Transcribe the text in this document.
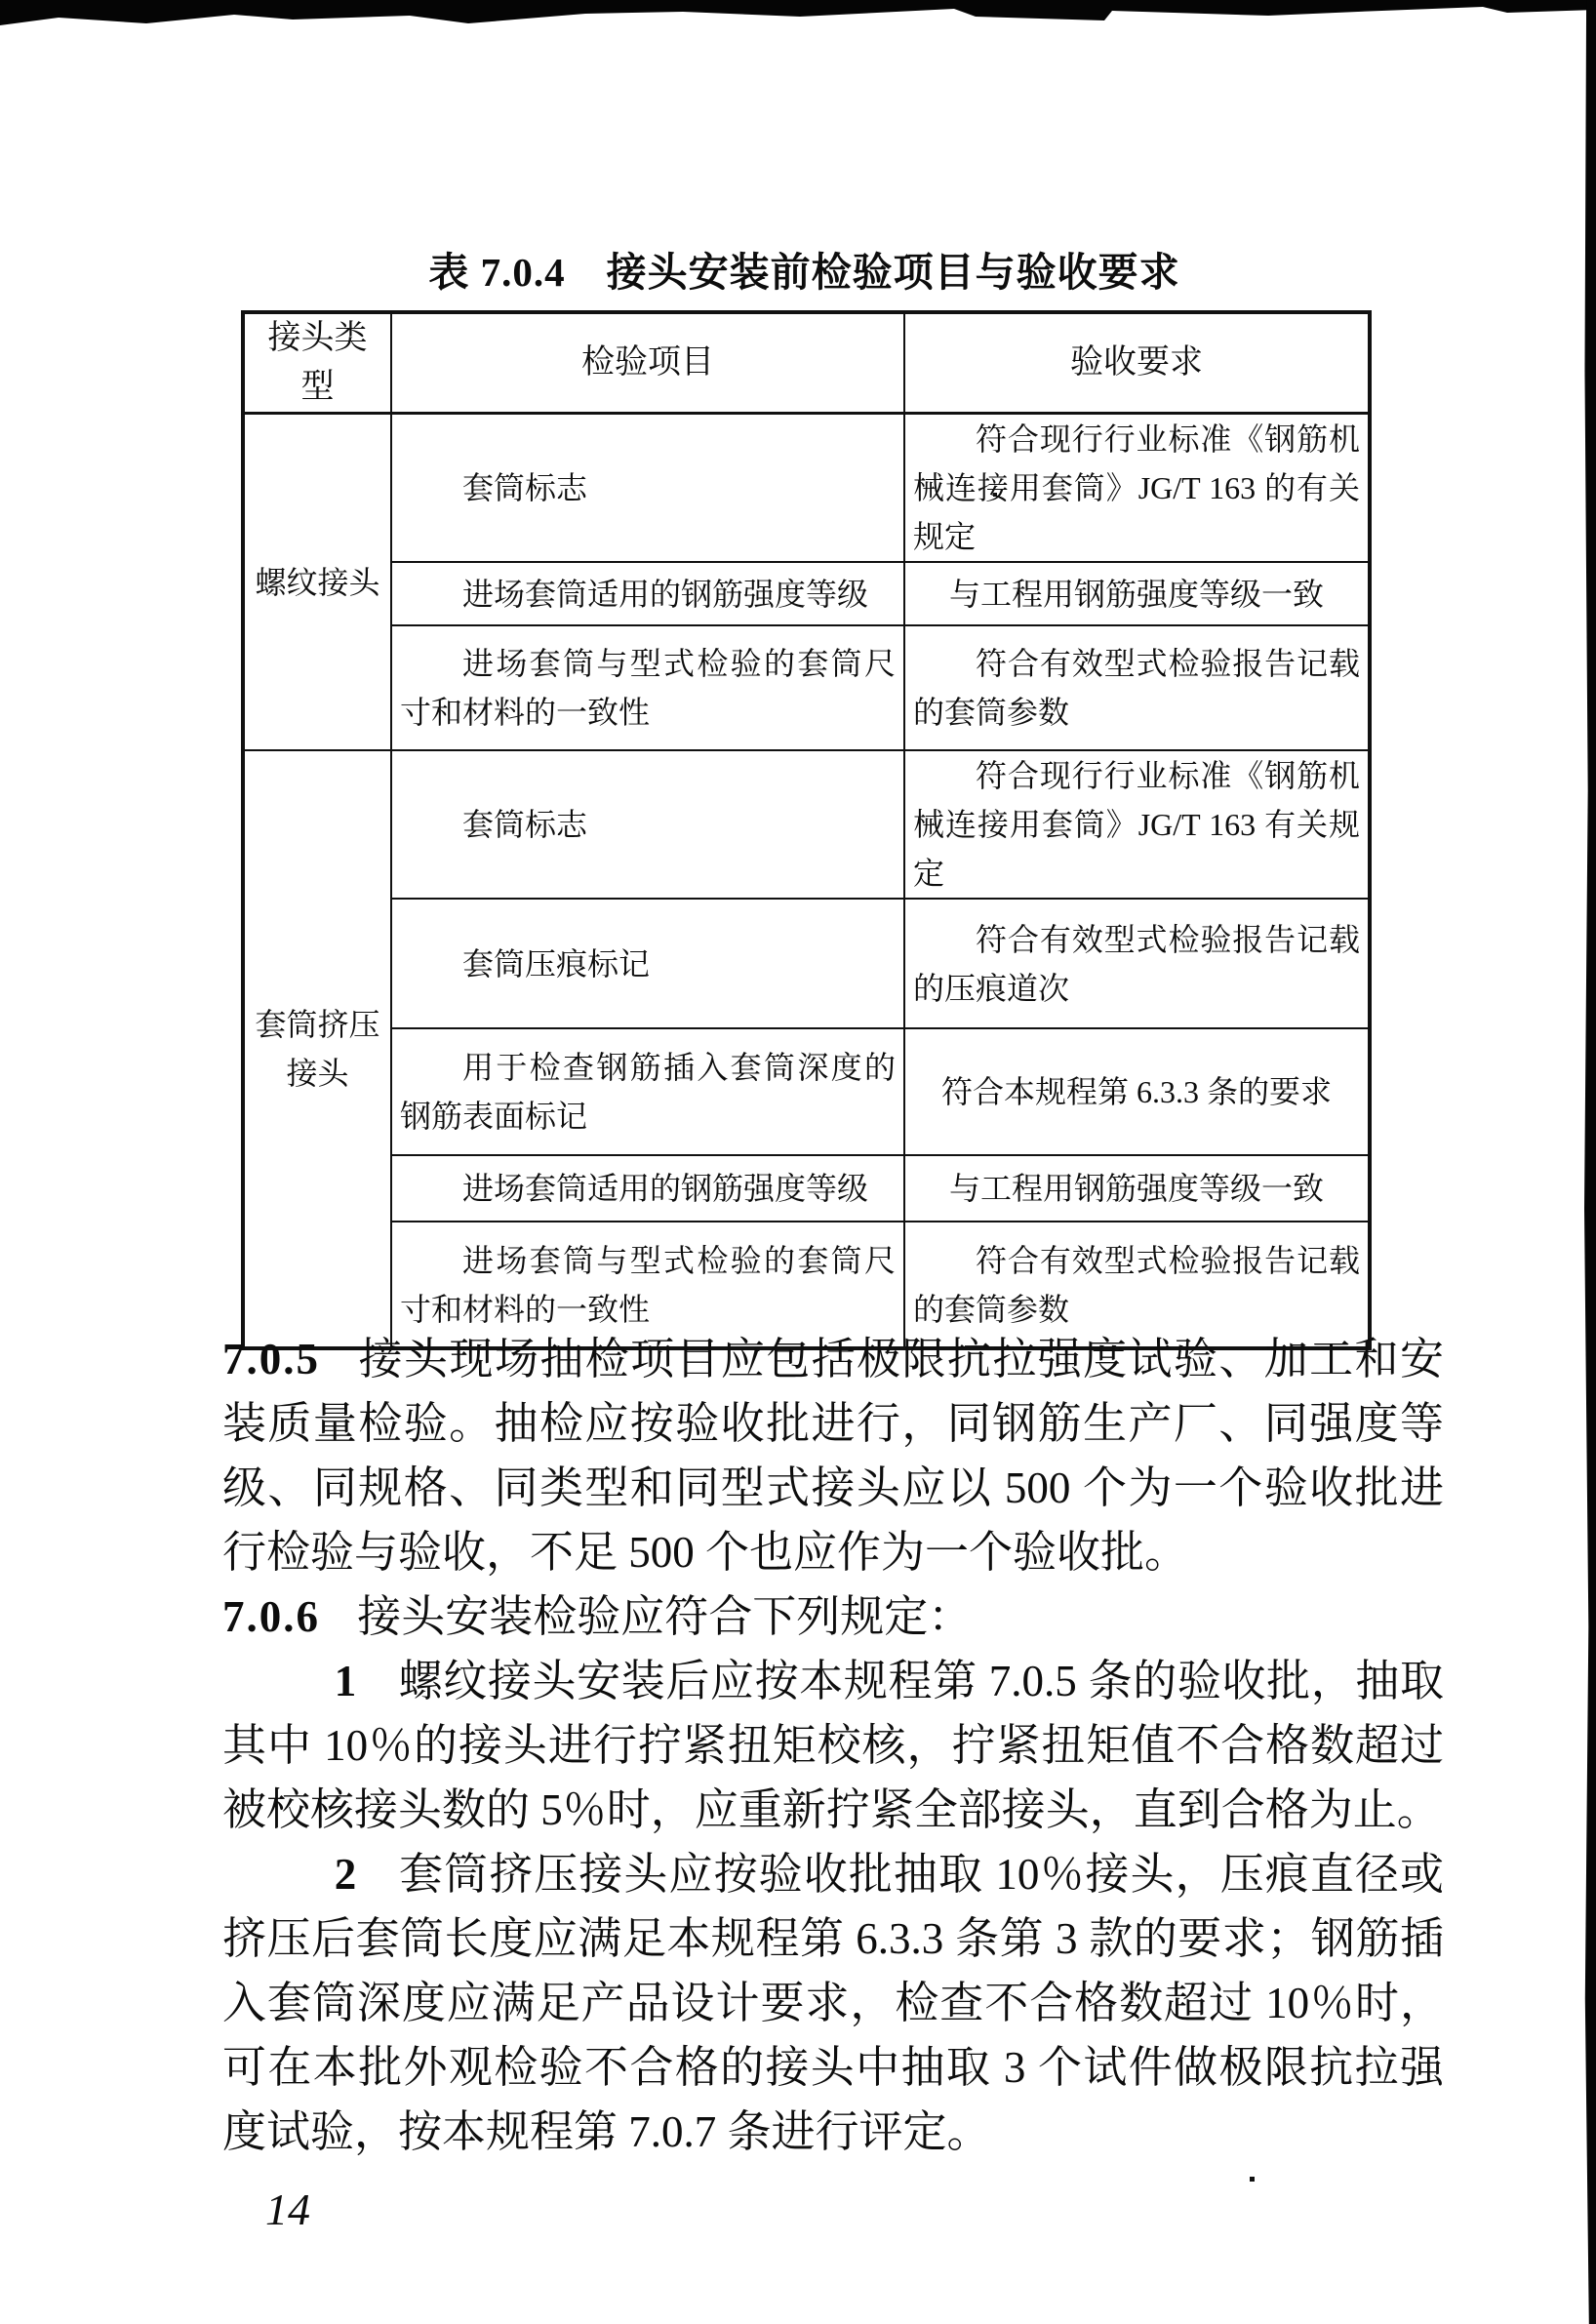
表 7.0.4　接头安装前检验项目与验收要求
接头类型	检验项目	验收要求
螺纹接头	套筒标志	符合现行行业标准《钢筋机械连接用套筒》JG/T 163 的有关规定
	进场套筒适用的钢筋强度等级	与工程用钢筋强度等级一致
	进场套筒与型式检验的套筒尺寸和材料的一致性	符合有效型式检验报告记载的套筒参数
套筒挤压接头	套筒标志	符合现行行业标准《钢筋机械连接用套筒》JG/T 163 有关规定
	套筒压痕标记	符合有效型式检验报告记载的压痕道次
	用于检查钢筋插入套筒深度的钢筋表面标记	符合本规程第 6.3.3 条的要求
	进场套筒适用的钢筋强度等级	与工程用钢筋强度等级一致
	进场套筒与型式检验的套筒尺寸和材料的一致性	符合有效型式检验报告记载的套筒参数

7.0.5 接头现场抽检项目应包括极限抗拉强度试验、加工和安装质量检验。抽检应按验收批进行，同钢筋生产厂、同强度等级、同规格、同类型和同型式接头应以 500 个为一个验收批进行检验与验收，不足 500 个也应作为一个验收批。

7.0.6 接头安装检验应符合下列规定：

1 螺纹接头安装后应按本规程第 7.0.5 条的验收批，抽取其中 10％的接头进行拧紧扭矩校核，拧紧扭矩值不合格数超过被校核接头数的 5％时，应重新拧紧全部接头，直到合格为止。

2 套筒挤压接头应按验收批抽取 10％接头，压痕直径或挤压后套筒长度应满足本规程第 6.3.3 条第 3 款的要求；钢筋插入套筒深度应满足产品设计要求，检查不合格数超过 10％时，可在本批外观检验不合格的接头中抽取 3 个试件做极限抗拉强度试验，按本规程第 7.0.7 条进行评定。

14
